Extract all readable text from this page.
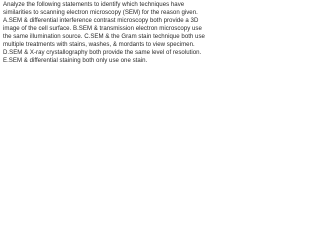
Analyze the following statements to identify which techniques have similarities to scanning electron microscopy (SEM) for the reason given. A.SEM & differential interference contrast microscopy both provide a 3D image of the cell surface. B.SEM & transmission electron microscopy use the same illumination source. C.SEM & the Gram stain technique both use multiple treatments with stains, washes, & mordants to view specimen. D.SEM & X-ray crystallography both provide the same level of resolution. E.SEM & differential staining both only use one stain.
